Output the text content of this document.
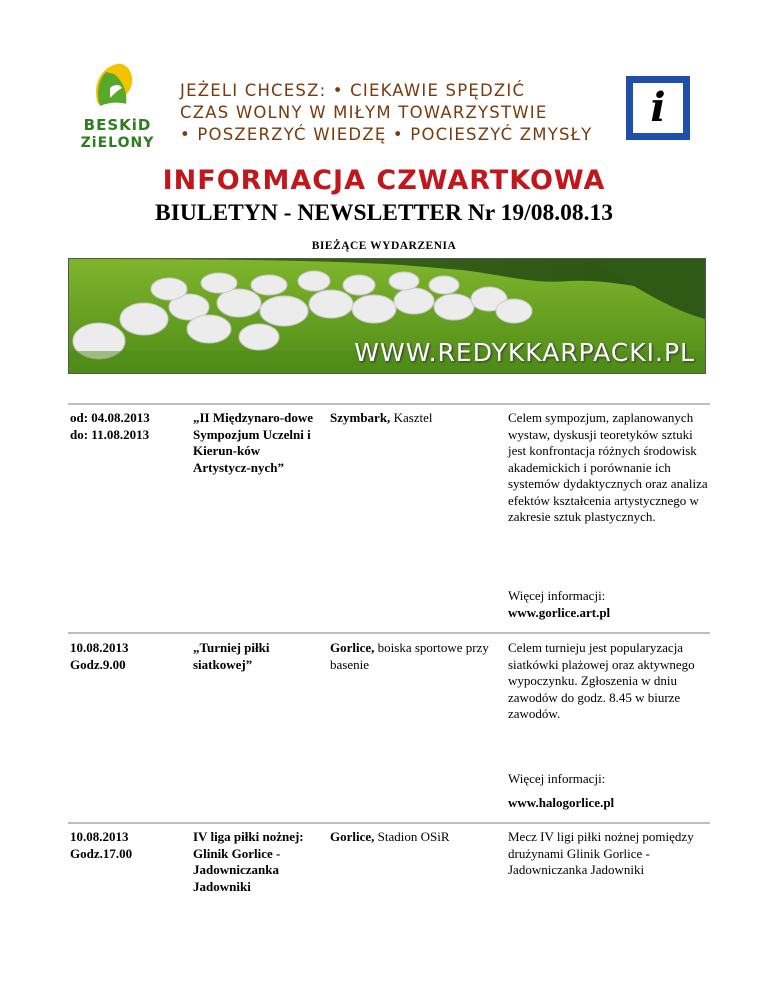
BESKiD
ZiELONY
JEŻELI CHCESZ: • CIEKAWIE SPĘDZIĆ
CZAS WOLNY W MIŁYM TOWARZYSTWIE
• POSZERZYĆ WIEDZĘ • POCIESZYĆ ZMYSŁY
i
INFORMACJA CZWARTKOWA
BIULETYN - NEWSLETTER Nr 19/08.08.13
BIEŻĄCE WYDARZENIA
WWW.REDYKKARPACKI.PL
od: 04.08.2013
do: 11.08.2013
„II Międzynaro-dowe Sympozjum Uczelni i Kierun-ków Artystycz-nych”
Szymbark, Kasztel	Celem sympozjum, zaplanowanych wystaw, dyskusji teoretyków sztuki jest konfrontacja różnych środowisk akademickich i porównanie ich systemów dydaktycznych oraz analiza efektów kształcenia artystycznego w zakresie sztuk plastycznych.
Więcej informacji:
www.gorlice.art.pl
10.08.2013
Godz.9.00
„Turniej piłki siatkowej”
Gorlice, boiska sportowe przy basenie
Celem turnieju jest popularyzacja siatkówki plażowej oraz aktywnego wypoczynku. Zgłoszenia w dniu zawodów do godz. 8.45 w biurze zawodów.
Więcej informacji:
www.halogorlice.pl
10.08.2013
Godz.17.00
IV liga piłki nożnej: Glinik Gorlice - Jadowniczanka Jadowniki
Gorlice, Stadion OSiR	Mecz IV ligi piłki nożnej pomiędzy drużynami Glinik Gorlice - Jadowniczanka Jadowniki
